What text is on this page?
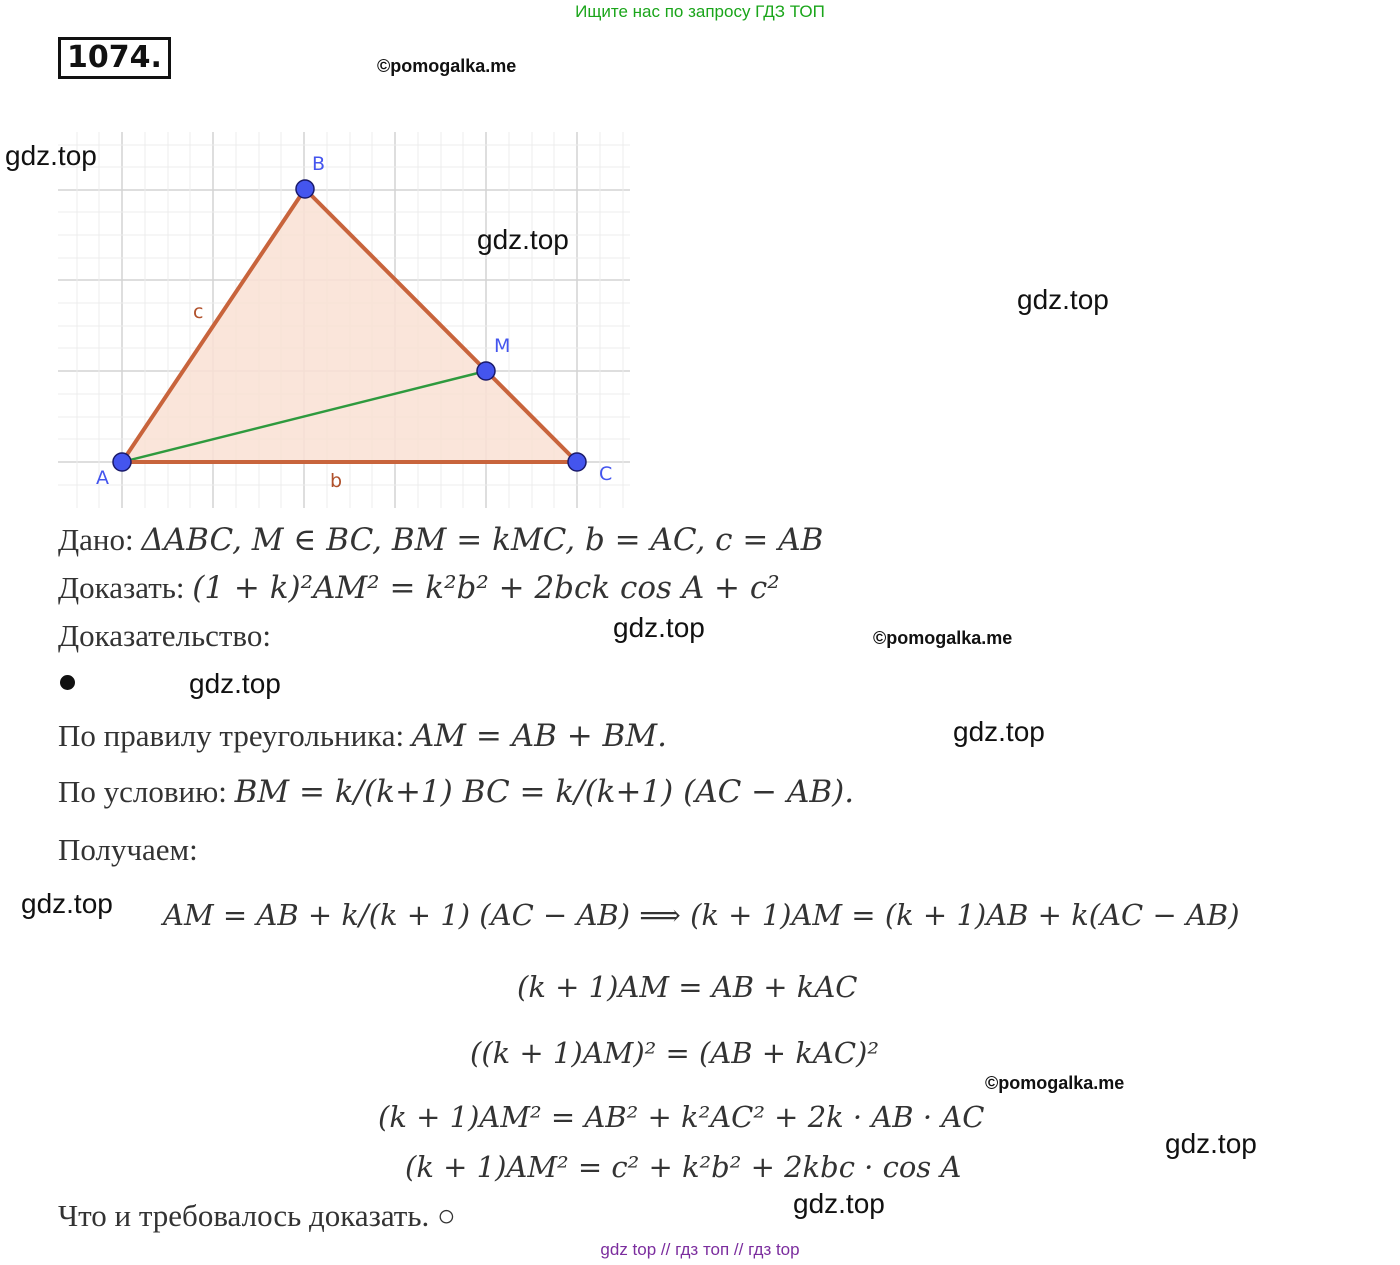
Ищите нас по запросу ГДЗ ТОП
1074.	©pomogalka.me
©pomogalka.me
©pomogalka.me
A
B
C
M
c
b
gdz.top
gdz.top
gdz.top
gdz.top
gdz.top
gdz.top
gdz.top
gdz.top
gdz.top
Дано: ΔABC, M ∈ BC, BM = kMC, b = AC, c = AB
Доказать: (1 + k)²AM² = k²b² + 2bck cos A + c²
Доказательство:
По правилу треугольника: AM = AB + BM.
По условию: BM = k/(k+1) BC = k/(k+1) (AC − AB).
Получаем:
AM = AB + k/(k + 1) (AC − AB) ⟹ (k + 1)AM = (k + 1)AB + k(AC − AB)
(k + 1)AM = AB + kAC
((k + 1)AM)² = (AB + kAC)²
(k + 1)AM² = AB² + k²AC² + 2k · AB · AC
(k + 1)AM² = c² + k²b² + 2kbc · cos A
Что и требовалось доказать. ○
gdz top // гдз топ // гдз top
